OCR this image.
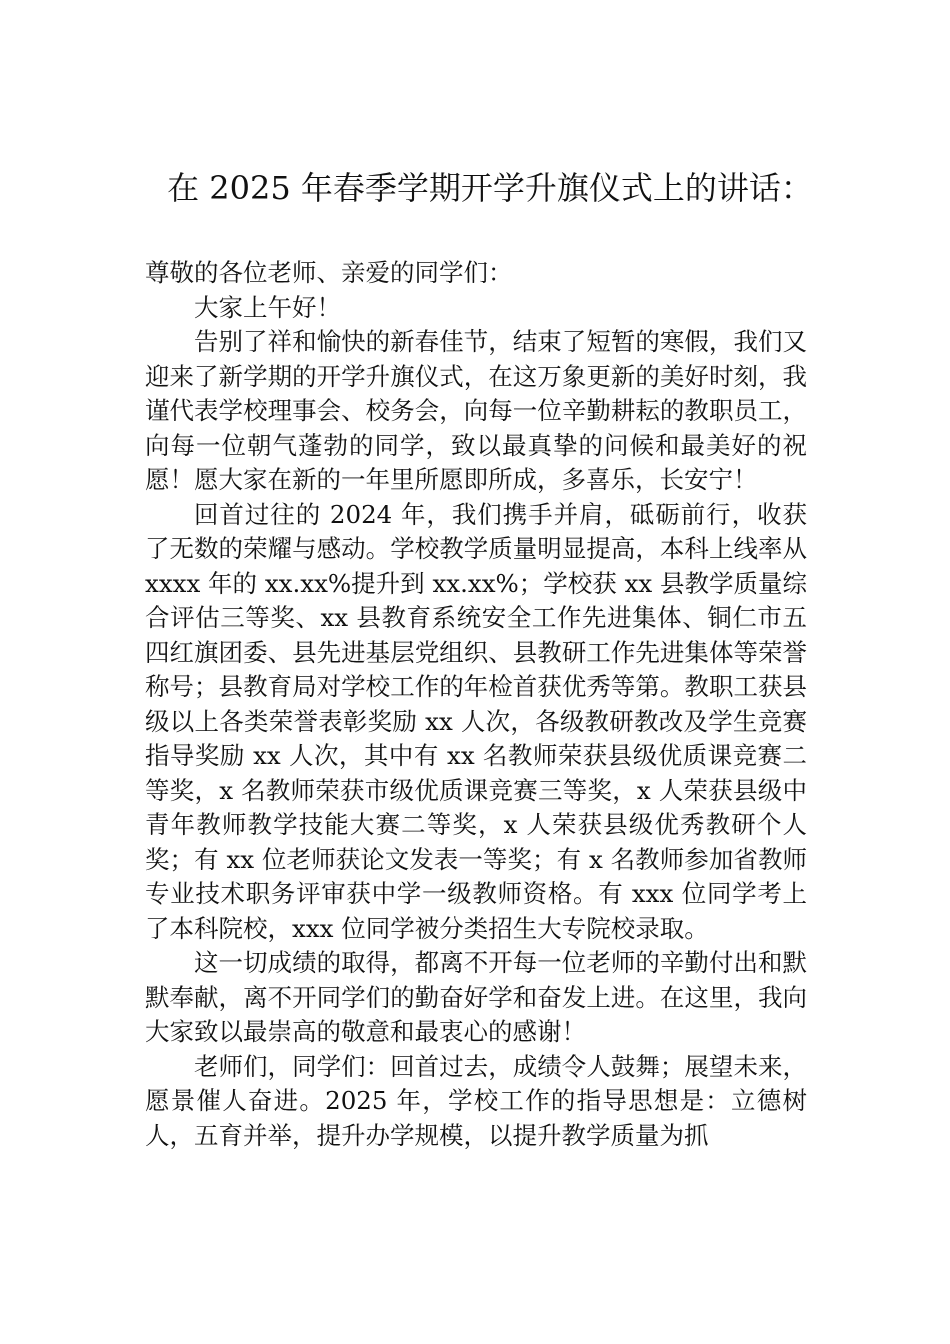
在 2025 年春季学期开学升旗仪式上的讲话：

尊敬的各位老师、亲爱的同学们：

大家上午好！

告别了祥和愉快的新春佳节，结束了短暂的寒假，我们又迎来了新学期的开学升旗仪式，在这万象更新的美好时刻，我谨代表学校理事会、校务会，向每一位辛勤耕耘的教职员工，向每一位朝气蓬勃的同学，致以最真挚的问候和最美好的祝愿！愿大家在新的一年里所愿即所成，多喜乐，长安宁！

回首过往的 2024 年，我们携手并肩，砥砺前行，收获了无数的荣耀与感动。学校教学质量明显提高，本科上线率从 xxxx 年的 xx.xx%提升到 xx.xx%；学校获 xx 县教学质量综合评估三等奖、xx 县教育系统安全工作先进集体、铜仁市五四红旗团委、县先进基层党组织、县教研工作先进集体等荣誉称号；县教育局对学校工作的年检首获优秀等第。教职工获县级以上各类荣誉表彰奖励 xx 人次，各级教研教改及学生竞赛指导奖励 xx 人次，其中有 xx 名教师荣获县级优质课竞赛二等奖，x 名教师荣获市级优质课竞赛三等奖，x 人荣获县级中青年教师教学技能大赛二等奖，x 人荣获县级优秀教研个人奖；有 xx 位老师获论文发表一等奖；有 x 名教师参加省教师专业技术职务评审获中学一级教师资格。有 xxx 位同学考上了本科院校，xxx 位同学被分类招生大专院校录取。

这一切成绩的取得，都离不开每一位老师的辛勤付出和默默奉献，离不开同学们的勤奋好学和奋发上进。在这里，我向大家致以最崇高的敬意和最衷心的感谢！

老师们，同学们：回首过去，成绩令人鼓舞；展望未来，愿景催人奋进。2025 年，学校工作的指导思想是：立德树人，五育并举，提升办学规模，以提升教学质量为抓
